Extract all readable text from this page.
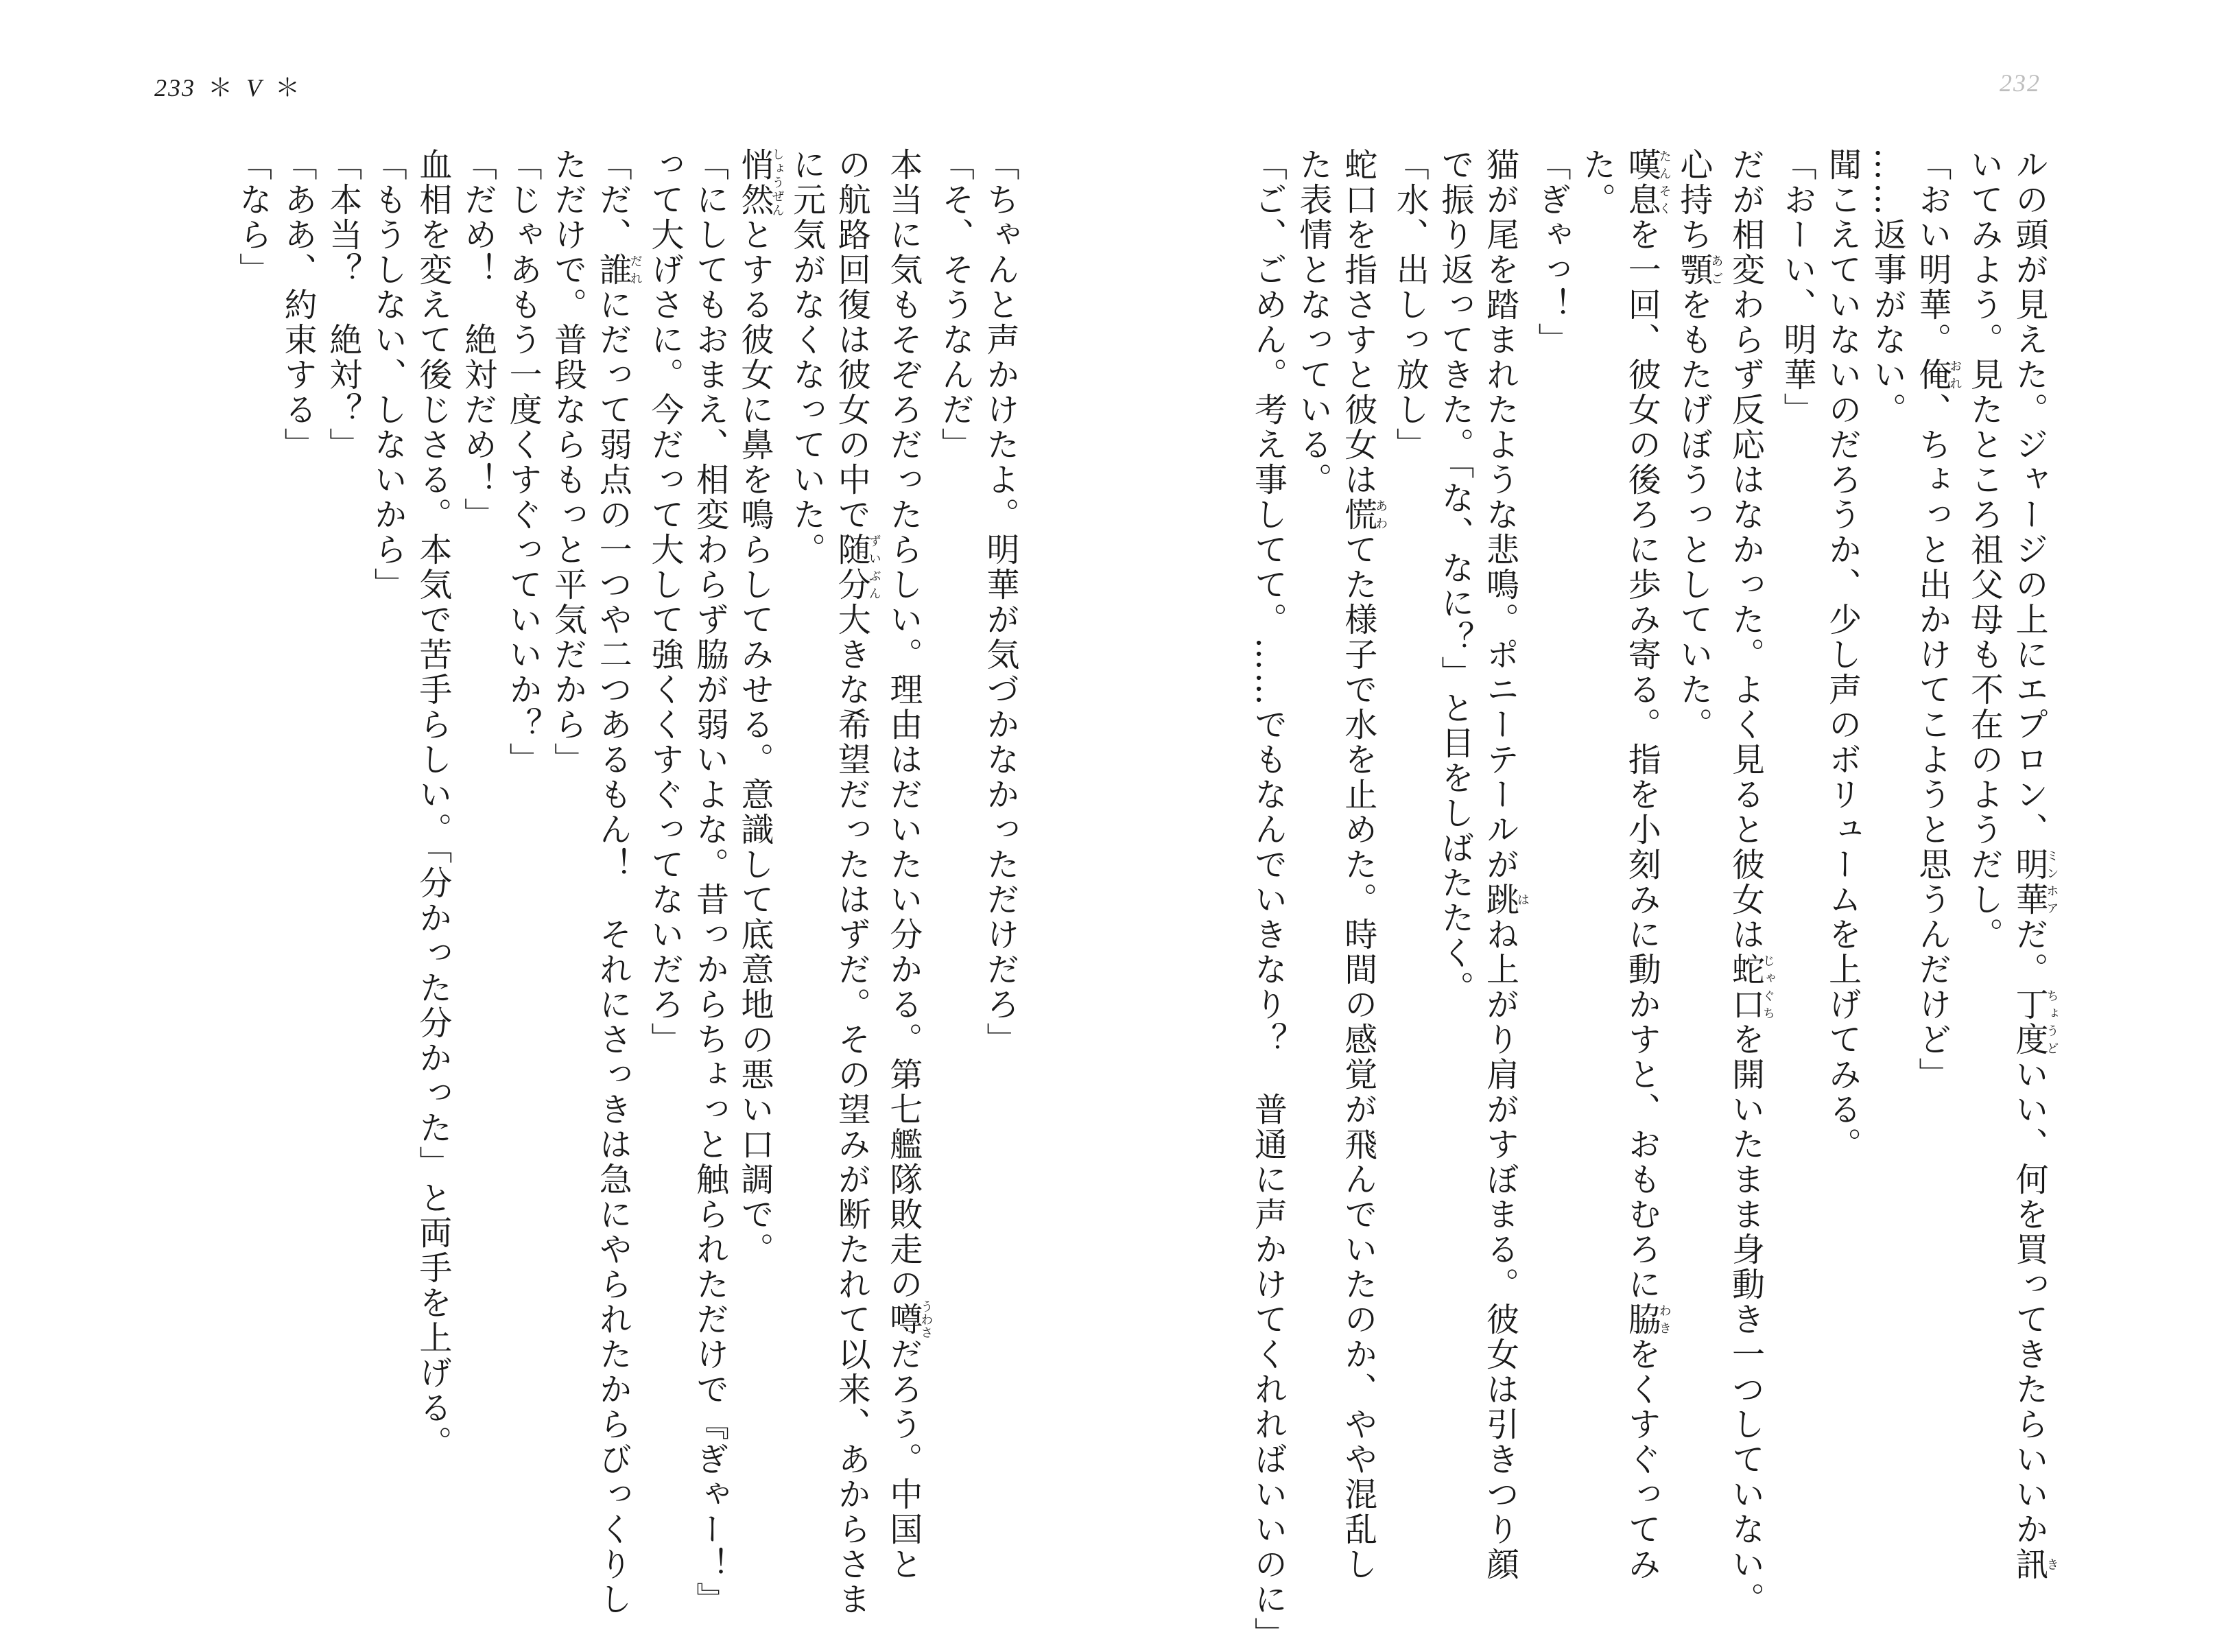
233 ＊ V ＊	232
ルの頭が見えた。ジャージの上にエプロン、明華ミンホアだ。丁度ちょうどいい、何を買ってきたらいいか訊き
いてみよう。見たところ祖父母も不在のようだし。
「おい明華。俺おれ、ちょっと出かけてこようと思うんだけど」
……返事がない。
聞こえていないのだろうか、少し声のボリュームを上げてみる。
「おーい、明華」
だが相変わらず反応はなかった。よく見ると彼女は蛇口じゃぐちを開いたまま身動き一つしていない。
心持ち顎あごをもたげぼうっとしていた。
嘆息たんそくを一回、彼女の後ろに歩み寄る。指を小刻みに動かすと、おもむろに脇わきをくすぐってみ
た。
「ぎゃっ！」
猫が尾を踏まれたような悲鳴。ポニーテールが跳はね上がり肩がすぼまる。彼女は引きつり顔
で振り返ってきた。「な、なに？」と目をしばたたく。
「水、出しっ放し」
蛇口を指さすと彼女は慌あわてた様子で水を止めた。時間の感覚が飛んでいたのか、やや混乱し
た表情となっている。
「ご、ごめん。考え事してて。……でもなんでいきなり？　普通に声かけてくれればいいのに」
「ちゃんと声かけたよ。明華が気づかなかっただけだろ」
「そ、そうなんだ」
本当に気もそぞろだったらしい。理由はだいたい分かる。第七艦隊敗走の噂うわさだろう。中国と
の航路回復は彼女の中で随分ずいぶん大きな希望だったはずだ。その望みが断たれて以来、あからさま
に元気がなくなっていた。
悄然しょうぜんとする彼女に鼻を鳴らしてみせる。意識して底意地の悪い口調で。
「にしてもおまえ、相変わらず脇が弱いよな。昔っからちょっと触られただけで『ぎゃー！』
って大げさに。今だって大して強くくすぐってないだろ」
「だ、誰だれにだって弱点の一つや二つあるもん！　それにさっきは急にやられたからびっくりし
ただけで。普段ならもっと平気だから」
「じゃあもう一度くすぐっていいか？」
「だめ！　絶対だめ！」
血相を変えて後じさる。本気で苦手らしい。「分かった分かった」と両手を上げる。
「もうしない、しないから」
「本当？　絶対？」
「ああ、約束する」
「なら」
